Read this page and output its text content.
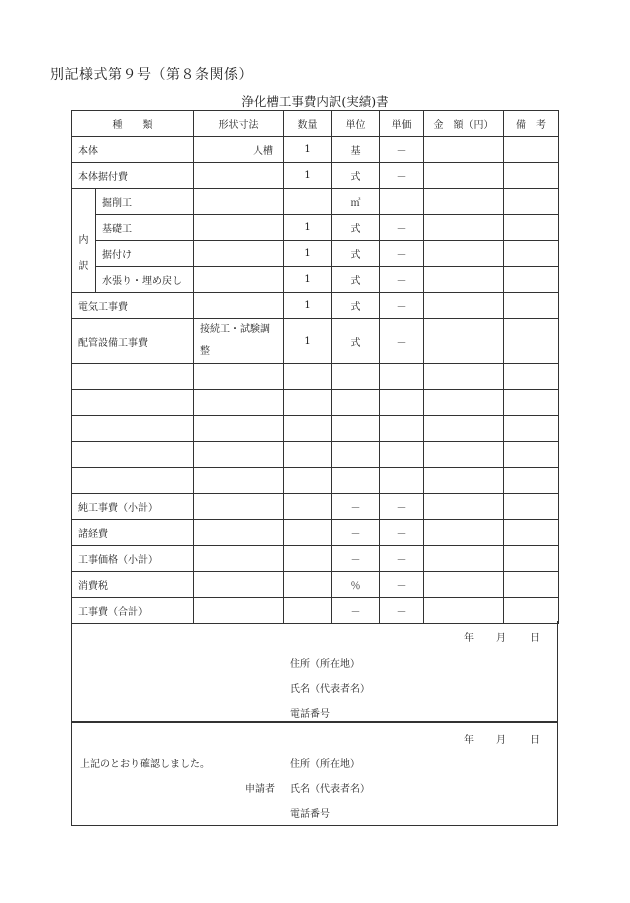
別記様式第９号（第８条関係）
浄化槽工事費内訳(実績)書
種　　類		形状寸法	数量	単位	単価	金　額（円）	備　考
本体		人槽	1	基	－		
本体据付費			1	式	－		

内
訳	掘削工			㎥			
	基礎工		1	式	－		
	据付け		1	式	－		
	水張り・埋め戻し		1	式	－		
電気工事費			1	式	－		
配管設備工事費		接続工・試験調
整	1	式	－		

純工事費（小計）				－	－		
諸経費				－	－		
工事価格（小計）				－	－		
消費税				％	－		
工事費（合計）				－	－		
年 月 日
住所（所在地）
氏名（代表者名）
電話番号
年 月 日
上記のとおり確認しました。	住所（所在地）
申請者 氏名（代表者名）
電話番号
